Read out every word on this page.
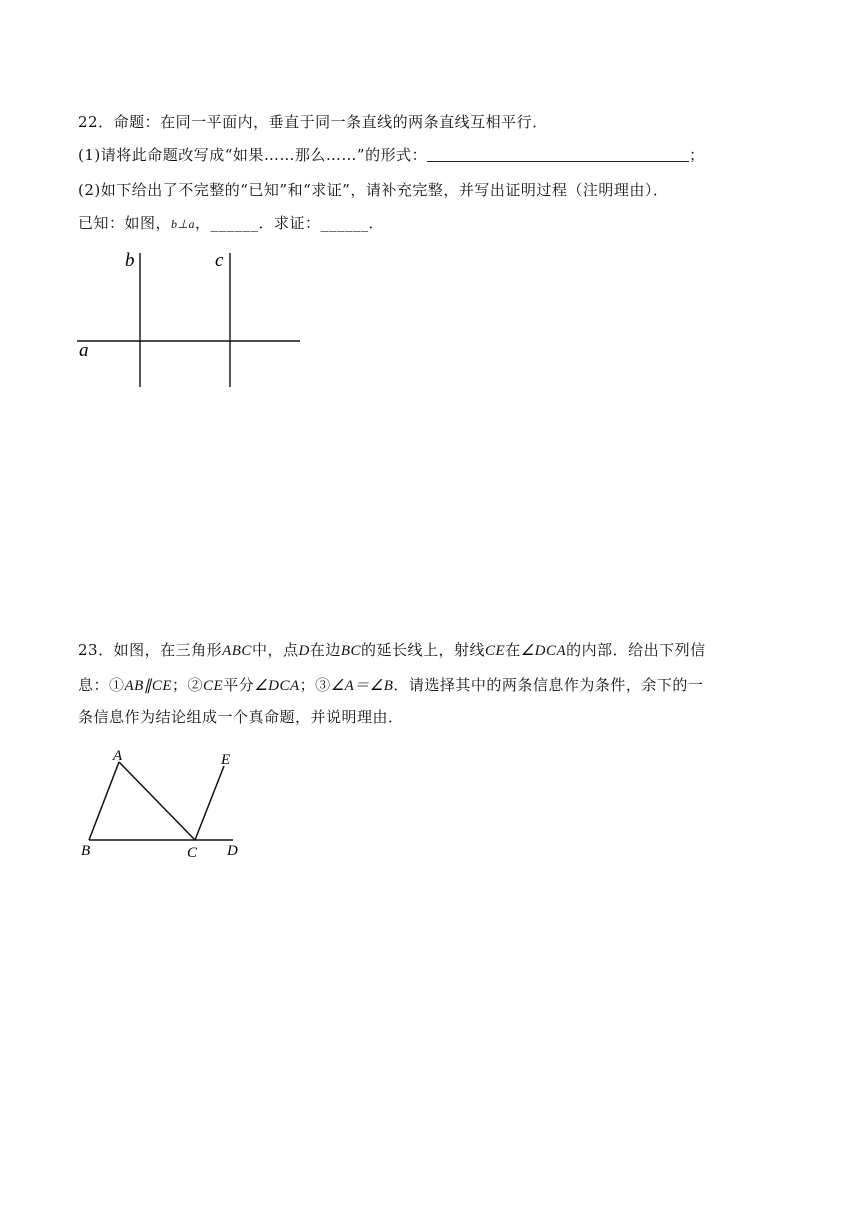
22．命题：在同一平面内，垂直于同一条直线的两条直线互相平行．
(1)请将此命题改写成“如果……那么……”的形式：	；
(2)如下给出了不完整的“已知”和“求证”，请补充完整，并写出证明过程（注明理由）．
已知：如图，b⊥a，______．求证：______．
b	c
a
23．如图，在三角形ABC中，点D在边BC的延长线上，射线CE在∠DCA的内部．给出下列信
息：①AB∥CE；②CE平分∠DCA；③∠A＝∠B．请选择其中的两条信息作为条件，余下的一
条信息作为结论组成一个真命题，并说明理由．
A	E
B	C D
